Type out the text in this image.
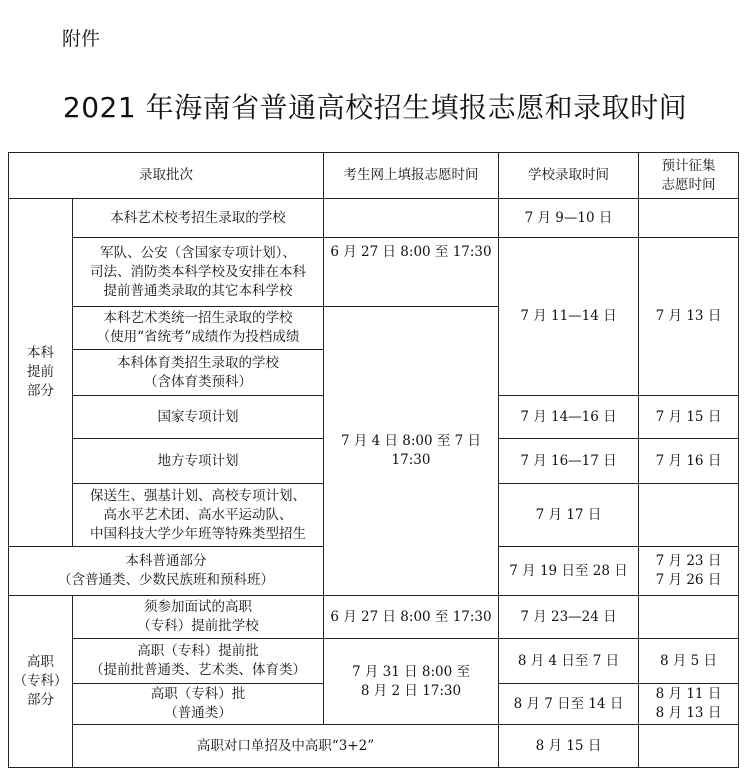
附件
2021 年海南省普通高校招生填报志愿和录取时间
录取批次	考生网上填报志愿时间	学校录取时间
预计征集
志愿时间
本科
提前
部分
高职
（专科）
部分
本科艺术校考招生录取的学校
军队、公安（含国家专项计划）、
司法、消防类本科学校及安排在本科
提前普通类录取的其它本科学校
本科艺术类统一招生录取的学校
（使用“省统考”成绩作为投档成绩
本科体育类招生录取的学校
（含体育类预科）
国家专项计划
地方专项计划
保送生、强基计划、高校专项计划、
高水平艺术团、高水平运动队、
中国科技大学少年班等特殊类型招生
本科普通部分
（含普通类、少数民族班和预科班）
须参加面试的高职
（专科）提前批学校
高职（专科）提前批
（提前批普通类、艺术类、体育类）
高职（专科）批
（普通类）
高职对口单招及中高职“3+2”
6 月 27 日 8:00 至 17:30
7 月 4 日 8:00 至 7 日 17:30
6 月 27 日 8:00 至 17:30
7 月 31 日 8:00 至
8 月 2 日 17:30
7 月 9—10 日
7 月 11—14 日
7 月 14—16 日
7 月 16—17 日
7 月 17 日
7 月 19 日至 28 日
7 月 23—24 日
8 月 4 日至 7 日
8 月 7 日至 14 日
8 月 15 日
7 月 13 日
7 月 15 日
7 月 16 日
7 月 23 日
7 月 26 日
8 月 5 日
8 月 11 日
8 月 13 日
